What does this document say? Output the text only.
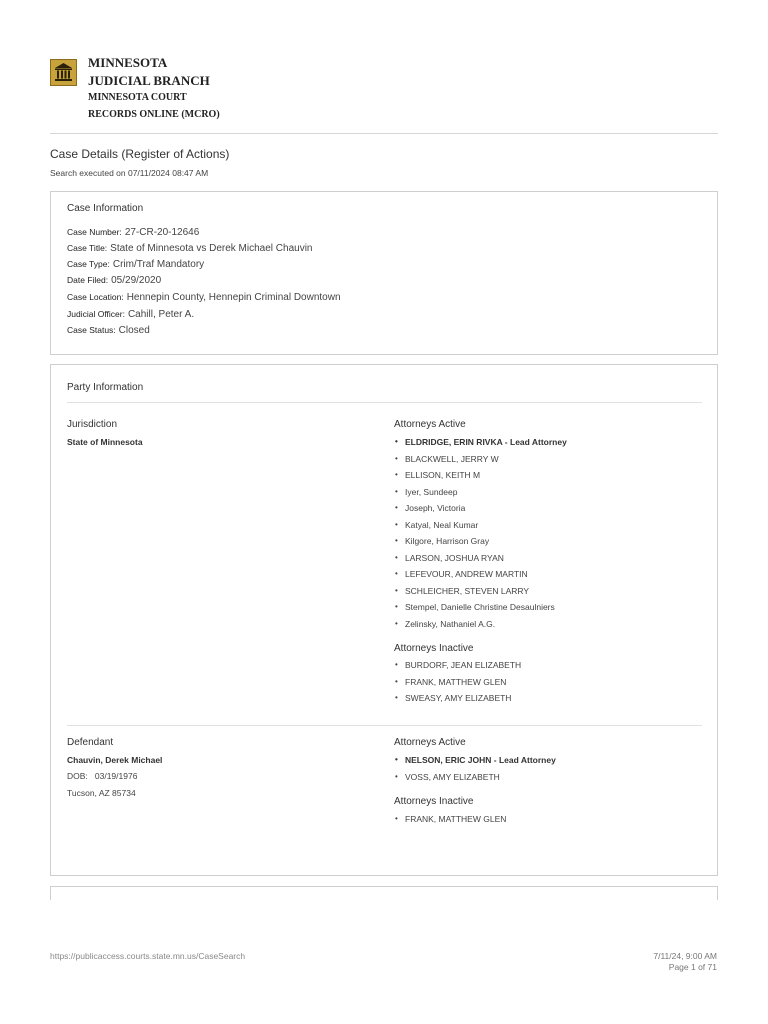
MINNESOTA
JUDICIAL BRANCH
MINNESOTA COURT
RECORDS ONLINE (MCRO)
Case Details (Register of Actions)
Search executed on 07/11/2024 08:47 AM
Case Information
Case Number: 27-CR-20-12646
Case Title: State of Minnesota vs Derek Michael Chauvin
Case Type: Crim/Traf Mandatory
Date Filed: 05/29/2020
Case Location: Hennepin County, Hennepin Criminal Downtown
Judicial Officer: Cahill, Peter A.
Case Status: Closed
Party Information
Jurisdiction
State of Minnesota
Attorneys Active
• ELDRIDGE, ERIN RIVKA - Lead Attorney
• BLACKWELL, JERRY W
• ELLISON, KEITH M
• Iyer, Sundeep
• Joseph, Victoria
• Katyal, Neal Kumar
• Kilgore, Harrison Gray
• LARSON, JOSHUA RYAN
• LEFEVOUR, ANDREW MARTIN
• SCHLEICHER, STEVEN LARRY
• Stempel, Danielle Christine Desaulniers
• Zelinsky, Nathaniel A.G.
Attorneys Inactive
• BURDORF, JEAN ELIZABETH
• FRANK, MATTHEW GLEN
• SWEASY, AMY ELIZABETH
Defendant
Chauvin, Derek Michael
DOB: 03/19/1976
Tucson, AZ 85734
Attorneys Active
• NELSON, ERIC JOHN - Lead Attorney
• VOSS, AMY ELIZABETH
Attorneys Inactive
• FRANK, MATTHEW GLEN
https://publicaccess.courts.state.mn.us/CaseSearch	7/11/24, 9:00 AM
Page 1 of 71
